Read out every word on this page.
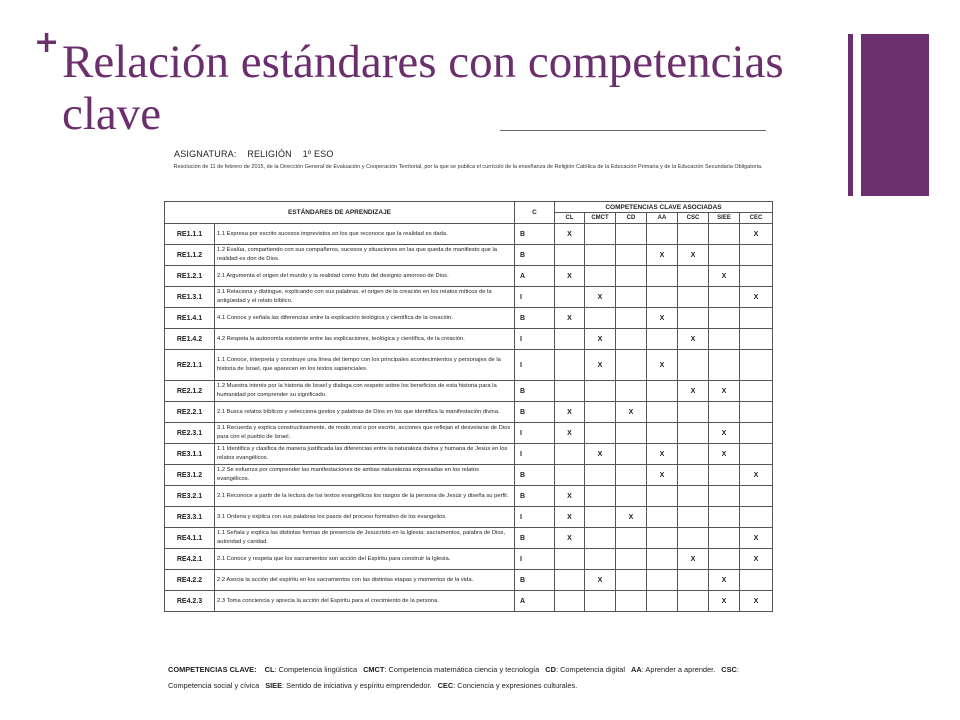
+ Relación estándares con competencias clave
ASIGNATURA: RELIGIÓN 1º ESO
Resolución de 11 de febrero de 2015, de la Dirección General de Evaluación y Cooperación Territorial, por la que se publica el currículo de la enseñanza de Religión Católica de la Educación Primaria y de la Educación Secundaria Obligatoria.
ESTÁNDARES DE APRENDIZAJE		C	COMPETENCIAS CLAVE ASOCIADAS						
			CL	CMCT	CD	AA	CSC	SIEE	CEC
RE1.1.1	1.1 Expresa por escrito sucesos imprevistos en los que reconoce que la realidad es dada.	B	X						X
RE1.1.2	1.2 Evalúa, compartiendo con sus compañeros, sucesos y situaciones en las que queda de manifiesto que la realidad es don de Dios.	B				X	X		
RE1.2.1	2.1 Argumenta el origen del mundo y la realidad como fruto del designio amoroso de Dios.	A	X					X	
RE1.3.1	3.1 Relaciona y distingue, explicando con sus palabras, el origen de la creación en los relatos míticos de la antigüedad y el relato bíblico.	I		X					X
RE1.4.1	4.1 Conoce y señala las diferencias entre la explicación teológica y científica de la creación.	B	X			X			
RE1.4.2	4.2 Respeta la autonomía existente entre las explicaciones, teológica y científica, de la creación.	I		X			X		
RE2.1.1	1.1 Conoce, interpreta y construye una línea del tiempo con los principales acontecimientos y personajes de la historia de Israel, que aparecen en los textos sapienciales.	I		X		X			
RE2.1.2	1.2 Muestra interés por la historia de Israel y dialoga con respeto sobre los beneficios de esta historia para la humanidad por comprender su significado.	B					X	X	
RE2.2.1	2.1 Busca relatos bíblicos y selecciona gestos y palabras de Dios en los que identifica la manifestación divina.	B	X		X				
RE2.3.1	3.1 Recuerda y explica constructivamente, de modo oral o por escrito, acciones que reflejan el desvelarse de Dios para con el pueblo de Israel.	I	X					X	
RE3.1.1	1.1 Identifica y clasifica de manera justificada las diferencias entre la naturaleza divina y humana de Jesús en los relatos evangélicos.	I		X		X		X	
RE3.1.2	1.2 Se esfuerza por comprender las manifestaciones de ambas naturalezas expresadas en los relatos evangélicos.	B				X			X
RE3.2.1	2.1 Reconoce a partir de la lectura de los textos evangélicos los rasgos de la persona de Jesús y diseña su perfil.	B	X						
RE3.3.1	3.1 Ordena y explica con sus palabras los pasos del proceso formativo de los evangelios.	I	X		X				
RE4.1.1	1.1 Señala y explica las distintas formas de presencia de Jesucristo en la Iglesia: sacramentos, palabra de Dios, autoridad y caridad.	B	X						X
RE4.2.1	2.1 Conoce y respeta que los sacramentos son acción del Espíritu para construir la Iglesia.	I					X		X
RE4.2.2	2.2 Asocia la acción del espíritu en los sacramentos con las distintas etapas y momentos de la vida.	B		X				X	
RE4.2.3	2.3 Toma conciencia y aprecia la acción del Espíritu para el crecimiento de la persona.	A						X	X
COMPETENCIAS CLAVE: CL: Competencia lingüística CMCT: Competencia matemática ciencia y tecnología CD: Competencia digital AA: Aprender a aprender. CSC: Competencia social y cívica SIEE: Sentido de iniciativa y espíritu emprendedor. CEC: Conciencia y expresiones culturales.
